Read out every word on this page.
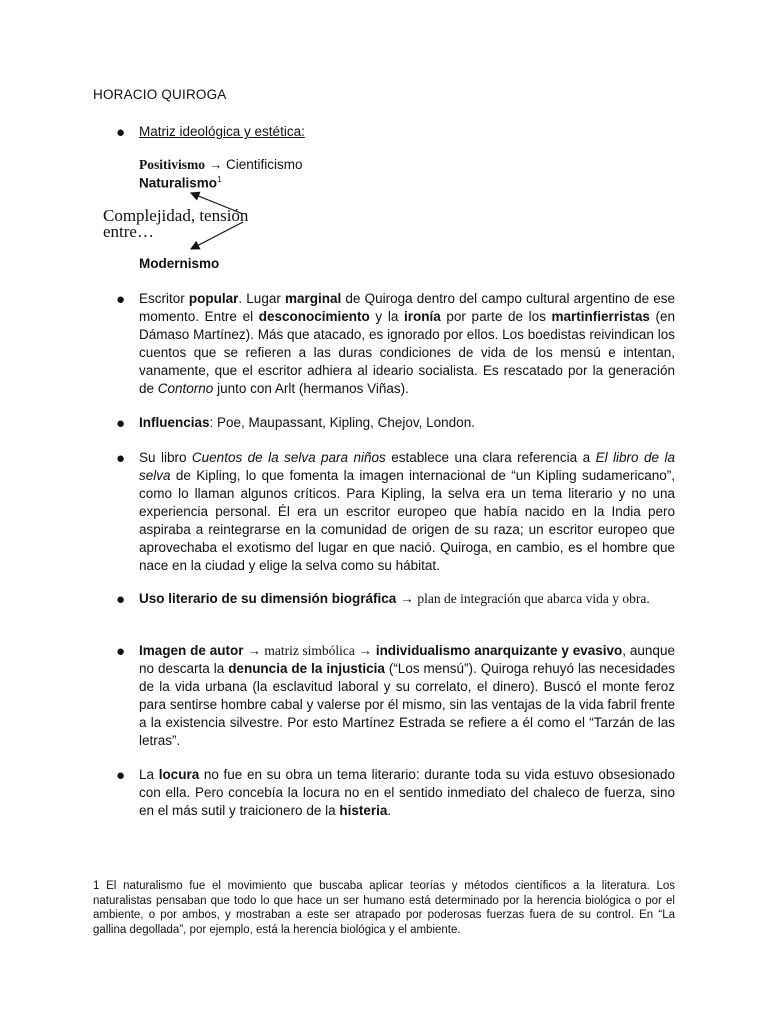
HORACIO QUIROGA
● Matriz ideológica y estética:
Positivismo → Cientificismo
Naturalismo$^1$
Complejidad, tensión
entre…
Modernismo
● Escritor popular. Lugar marginal de Quiroga dentro del campo cultural argentino de ese momento. Entre el desconocimiento y la ironía por parte de los martinfierristas (en Dámaso Martínez). Más que atacado, es ignorado por ellos. Los boedistas reivindican los cuentos que se refieren a las duras condiciones de vida de los mensú e intentan, vanamente, que el escritor adhiera al ideario socialista. Es rescatado por la generación de Contorno junto con Arlt (hermanos Viñas).

● Influencias: Poe, Maupassant, Kipling, Chejov, London.

● Su libro Cuentos de la selva para niños establece una clara referencia a El libro de la selva de Kipling, lo que fomenta la imagen internacional de “un Kipling sudamericano”, como lo llaman algunos críticos. Para Kipling, la selva era un tema literario y no una experiencia personal. Él era un escritor europeo que había nacido en la India pero aspiraba a reintegrarse en la comunidad de origen de su raza; un escritor europeo que aprovechaba el exotismo del lugar en que nació. Quiroga, en cambio, es el hombre que nace en la ciudad y elige la selva como su hábitat.

● Uso literario de su dimensión biográfica → plan de integración que abarca vida y obra.

● Imagen de autor → matriz simbólica → individualismo anarquizante y evasivo, aunque no descarta la denuncia de la injusticia (“Los mensú”). Quiroga rehuyó las necesidades de la vida urbana (la esclavitud laboral y su correlato, el dinero). Buscó el monte feroz para sentirse hombre cabal y valerse por él mismo, sin las ventajas de la vida fabril frente a la existencia silvestre. Por esto Martínez Estrada se refiere a él como el “Tarzán de las letras”.

● La locura no fue en su obra un tema literario: durante toda su vida estuvo obsesionado con ella. Pero concebía la locura no en el sentido inmediato del chaleco de fuerza, sino en el más sutil y traicionero de la histeria.

1 El naturalismo fue el movimiento que buscaba aplicar teorías y métodos científicos a la literatura. Los naturalistas pensaban que todo lo que hace un ser humano está determinado por la herencia biológica o por el ambiente, o por ambos, y mostraban a este ser atrapado por poderosas fuerzas fuera de su control. En “La gallina degollada”, por ejemplo, está la herencia biológica y el ambiente.
